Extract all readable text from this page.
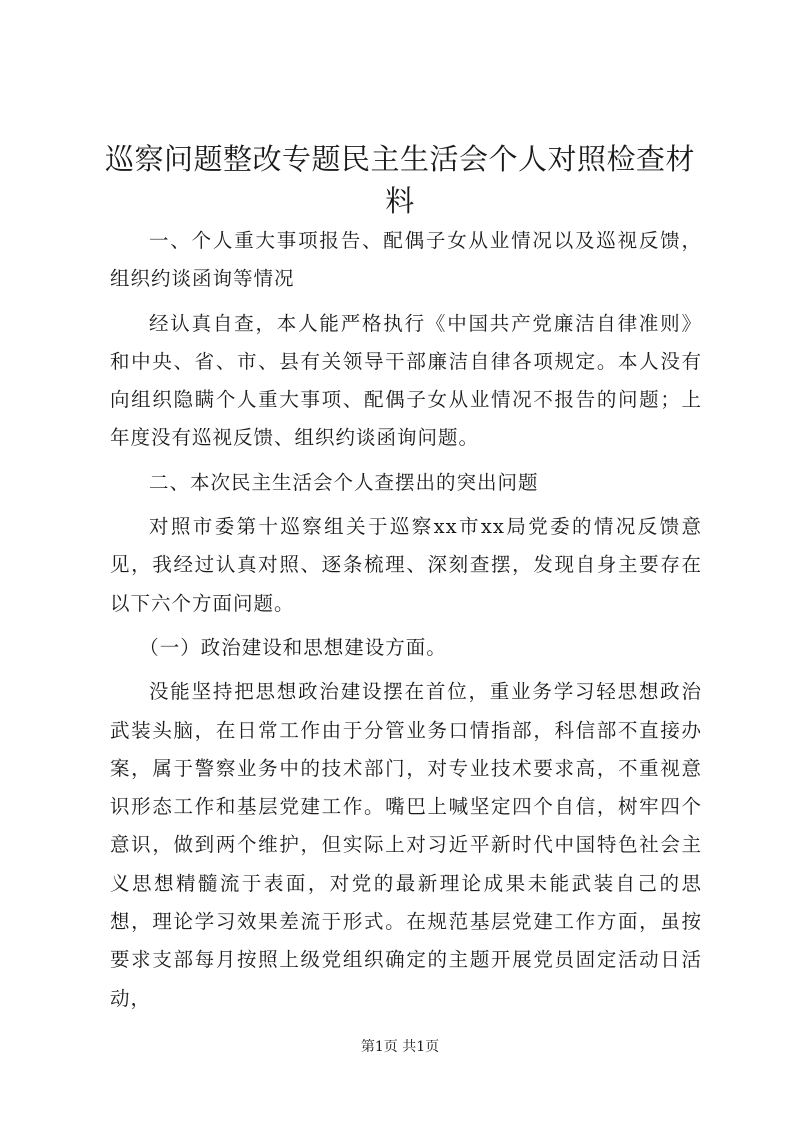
巡察问题整改专题民主生活会个人对照检查材料

一、个人重大事项报告、配偶子女从业情况以及巡视反馈，组织约谈函询等情况

经认真自查，本人能严格执行《中国共产党廉洁自律准则》和中央、省、市、县有关领导干部廉洁自律各项规定。本人没有向组织隐瞒个人重大事项、配偶子女从业情况不报告的问题；上年度没有巡视反馈、组织约谈函询问题。

二、本次民主生活会个人查摆出的突出问题

对照市委第十巡察组关于巡察xx市xx局党委的情况反馈意见，我经过认真对照、逐条梳理、深刻查摆，发现自身主要存在以下六个方面问题。

（一）政治建设和思想建设方面。

没能坚持把思想政治建设摆在首位，重业务学习轻思想政治武装头脑，在日常工作由于分管业务口情指部，科信部不直接办案，属于警察业务中的技术部门，对专业技术要求高，不重视意识形态工作和基层党建工作。嘴巴上喊坚定四个自信，树牢四个意识，做到两个维护，但实际上对习近平新时代中国特色社会主义思想精髓流于表面，对党的最新理论成果未能武装自己的思想，理论学习效果差流于形式。在规范基层党建工作方面，虽按要求支部每月按照上级党组织确定的主题开展党员固定活动日活动，

第1页 共1页
